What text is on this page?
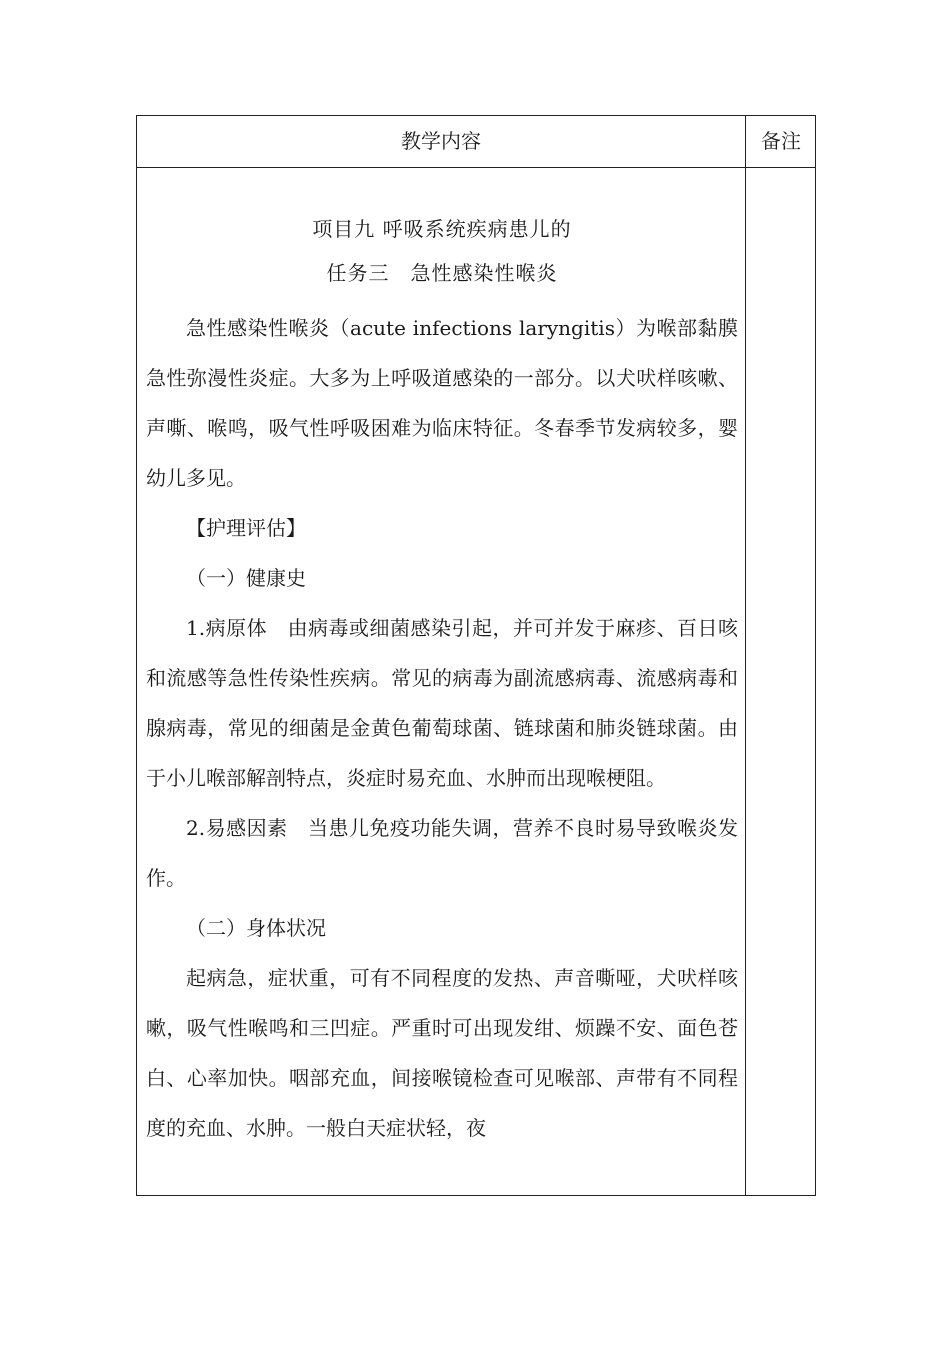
教学内容	备注
项目九 呼吸系统疾病患儿的
任务三　急性感染性喉炎

急性感染性喉炎（acute infections laryngitis）为喉部黏膜急性弥漫性炎症。大多为上呼吸道感染的一部分。以犬吠样咳嗽、声嘶、喉鸣，吸气性呼吸困难为临床特征。冬春季节发病较多，婴幼儿多见。

【护理评估】

（一）健康史

1.病原体　由病毒或细菌感染引起，并可并发于麻疹、百日咳和流感等急性传染性疾病。常见的病毒为副流感病毒、流感病毒和腺病毒，常见的细菌是金黄色葡萄球菌、链球菌和肺炎链球菌。由于小儿喉部解剖特点，炎症时易充血、水肿而出现喉梗阻。

2.易感因素　当患儿免疫功能失调，营养不良时易导致喉炎发作。

（二）身体状况

起病急，症状重，可有不同程度的发热、声音嘶哑，犬吠样咳嗽，吸气性喉鸣和三凹症。严重时可出现发绀、烦躁不安、面色苍白、心率加快。咽部充血，间接喉镜检查可见喉部、声带有不同程度的充血、水肿。一般白天症状轻，夜
